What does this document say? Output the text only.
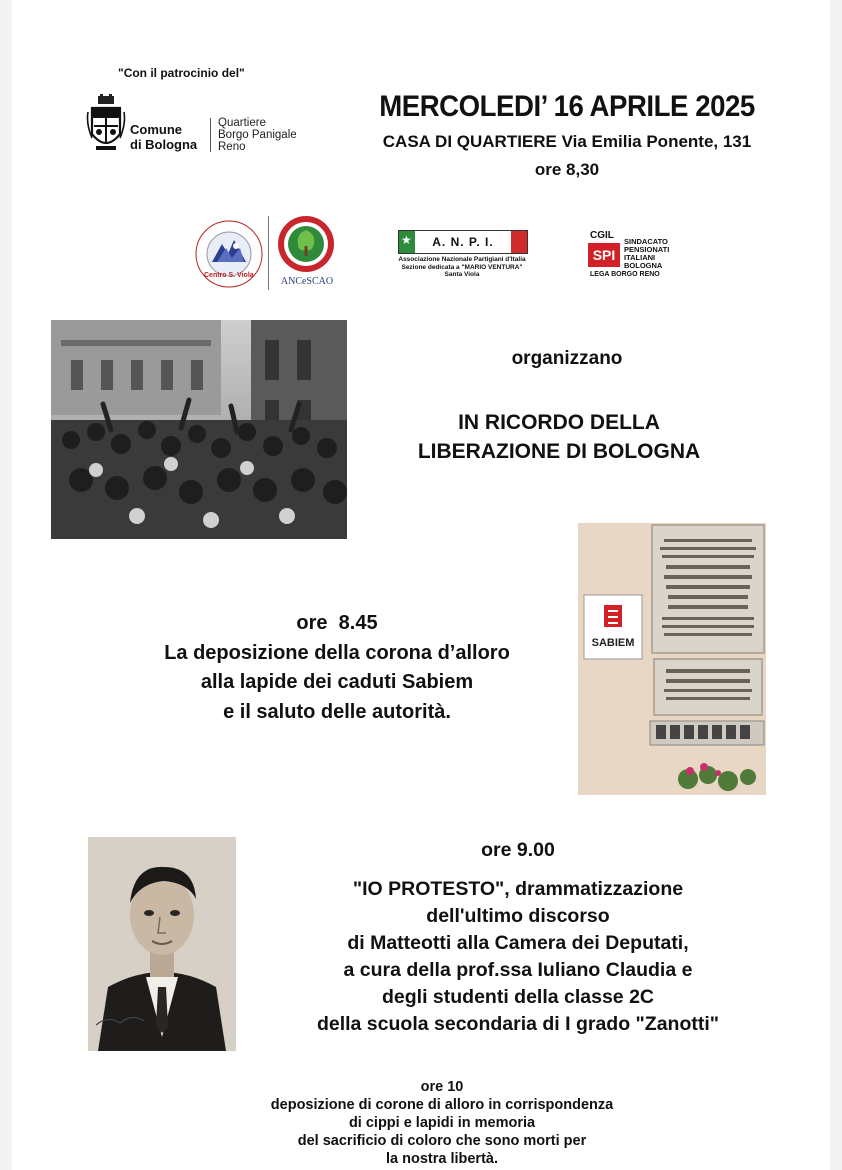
"Con il patrocinio del"
Comune
di Bologna
Quartiere
Borgo Panigale
Reno
MERCOLEDI’ 16 APRILE 2025
CASA DI QUARTIERE Via Emilia Ponente, 131
ore 8,30
Centro S. Viola
ANCeSCAO
★	A. N. P. I.
Associazione Nazionale Partigiani d'Italia
Sezione dedicata a "MARIO VENTURA"
Santa Viola
CGIL
SPI
SINDACATO
PENSIONATI
ITALIANI
BOLOGNA
LEGA BORGO RENO
organizzano
IN RICORDO DELLA
LIBERAZIONE DI BOLOGNA
SABIEM
ore  8.45
La deposizione della corona d’alloro
alla lapide dei caduti Sabiem
e il saluto delle autorità.
ore 9.00
"IO PROTESTO", drammatizzazione
dell'ultimo discorso
di Matteotti alla Camera dei Deputati,
a cura della prof.ssa Iuliano Claudia e
degli studenti della classe 2C
della scuola secondaria di I grado "Zanotti"
ore 10
deposizione di corone di alloro in corrispondenza
di cippi e lapidi in memoria
del sacrificio di coloro che sono morti per
la nostra libertà.
